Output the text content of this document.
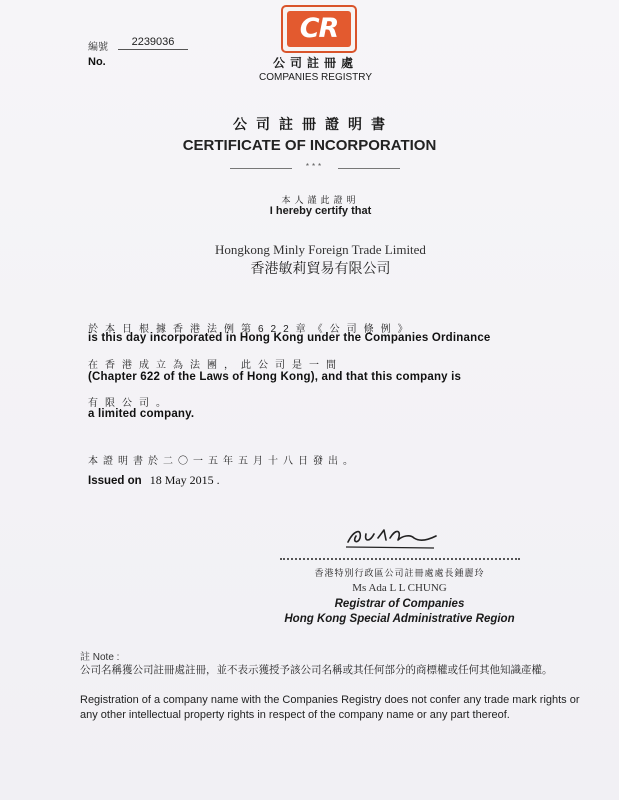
編號	2239036
No.
CR
公司註冊處
COMPANIES REGISTRY
公司註冊證明書
CERTIFICATE OF INCORPORATION
***
本人謹此證明
I hereby certify that
Hongkong Minly Foreign Trade Limited
香港敏莉貿易有限公司
於本日根據香港法例第622章《公司條例》
is this day incorporated in Hong Kong under the Companies Ordinance
在香港成立為法團，此公司是一間
(Chapter 622 of the Laws of Hong Kong), and that this company is
有限公司。
a limited company.
本證明書於二〇一五年五月十八日發出。
Issued on 18 May 2015 .
香港特別行政區公司註冊處處長鍾麗玲
Ms Ada L L CHUNG
Registrar of Companies
Hong Kong Special Administrative Region
註 Note :
公司名稱獲公司註冊處註冊，並不表示獲授予該公司名稱或其任何部分的商標權或任何其他知識產權。
Registration of a company name with the Companies Registry does not confer any trade mark rights or any other intellectual property rights in respect of the company name or any part thereof.
